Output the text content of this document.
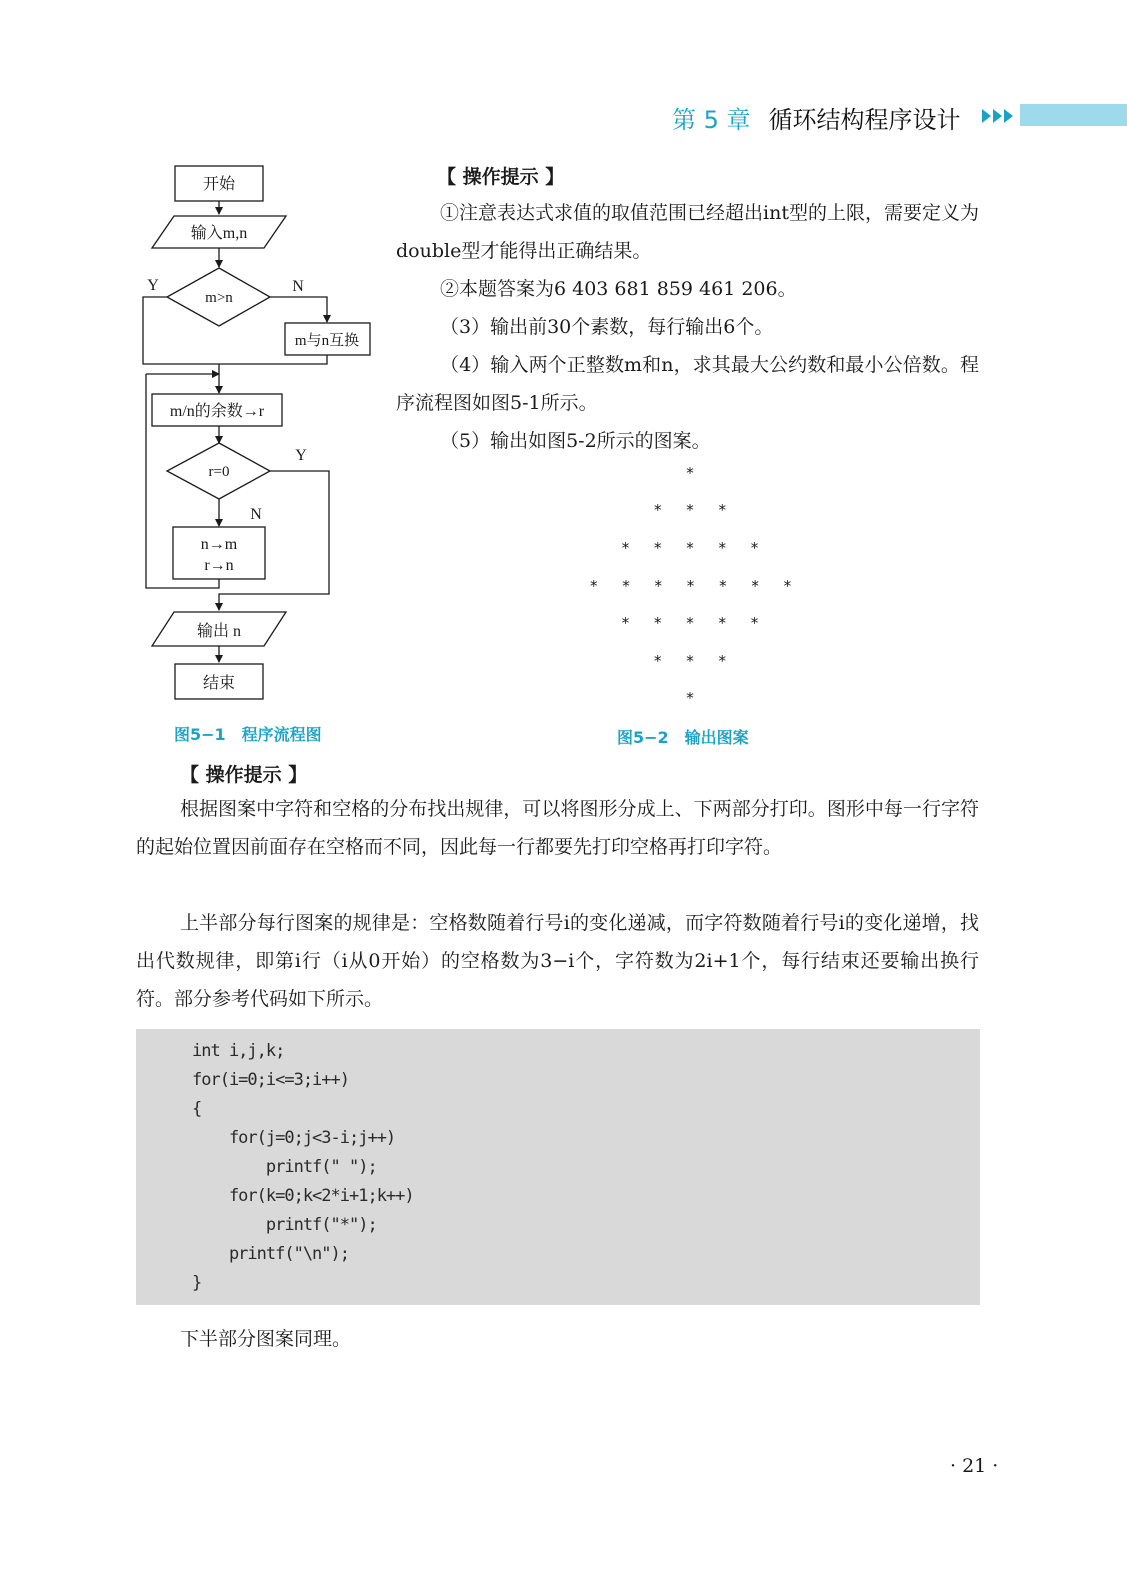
第 5 章 循环结构程序设计
开始
输入m,n
m>n
Y	N
m与n互换
m/n的余数→r
r=0
Y
N
n→m
r→n
输出 n
结束
图5−1　程序流程图
【 操作提示 】
①注意表达式求值的取值范围已经超出int型的上限，需要定义为double型才能得出正确结果。
②本题答案为6 403 681 859 461 206。
（3）输出前30个素数，每行输出6个。
（4）输入两个正整数m和n，求其最大公约数和最小公倍数。程序流程图如图5-1所示。
（5）输出如图5-2所示的图案。
*
* * *
* * * * *
* * * * * * *
* * * * *
* * *
*
图5−2　输出图案
【 操作提示 】
根据图案中字符和空格的分布找出规律，可以将图形分成上、下两部分打印。图形中每一行字符的起始位置因前面存在空格而不同，因此每一行都要先打印空格再打印字符。
上半部分每行图案的规律是：空格数随着行号i的变化递减，而字符数随着行号i的变化递增，找出代数规律，即第i行（i从0开始）的空格数为3−i个，字符数为2i+1个，每行结束还要输出换行符。部分参考代码如下所示。
int i,j,k;
for(i=0;i<=3;i++)
{
for(j=0;j<3-i;j++)
printf(" ");
for(k=0;k<2*i+1;k++)
printf("*");
printf("\n");
}
下半部分图案同理。
· 21 ·
